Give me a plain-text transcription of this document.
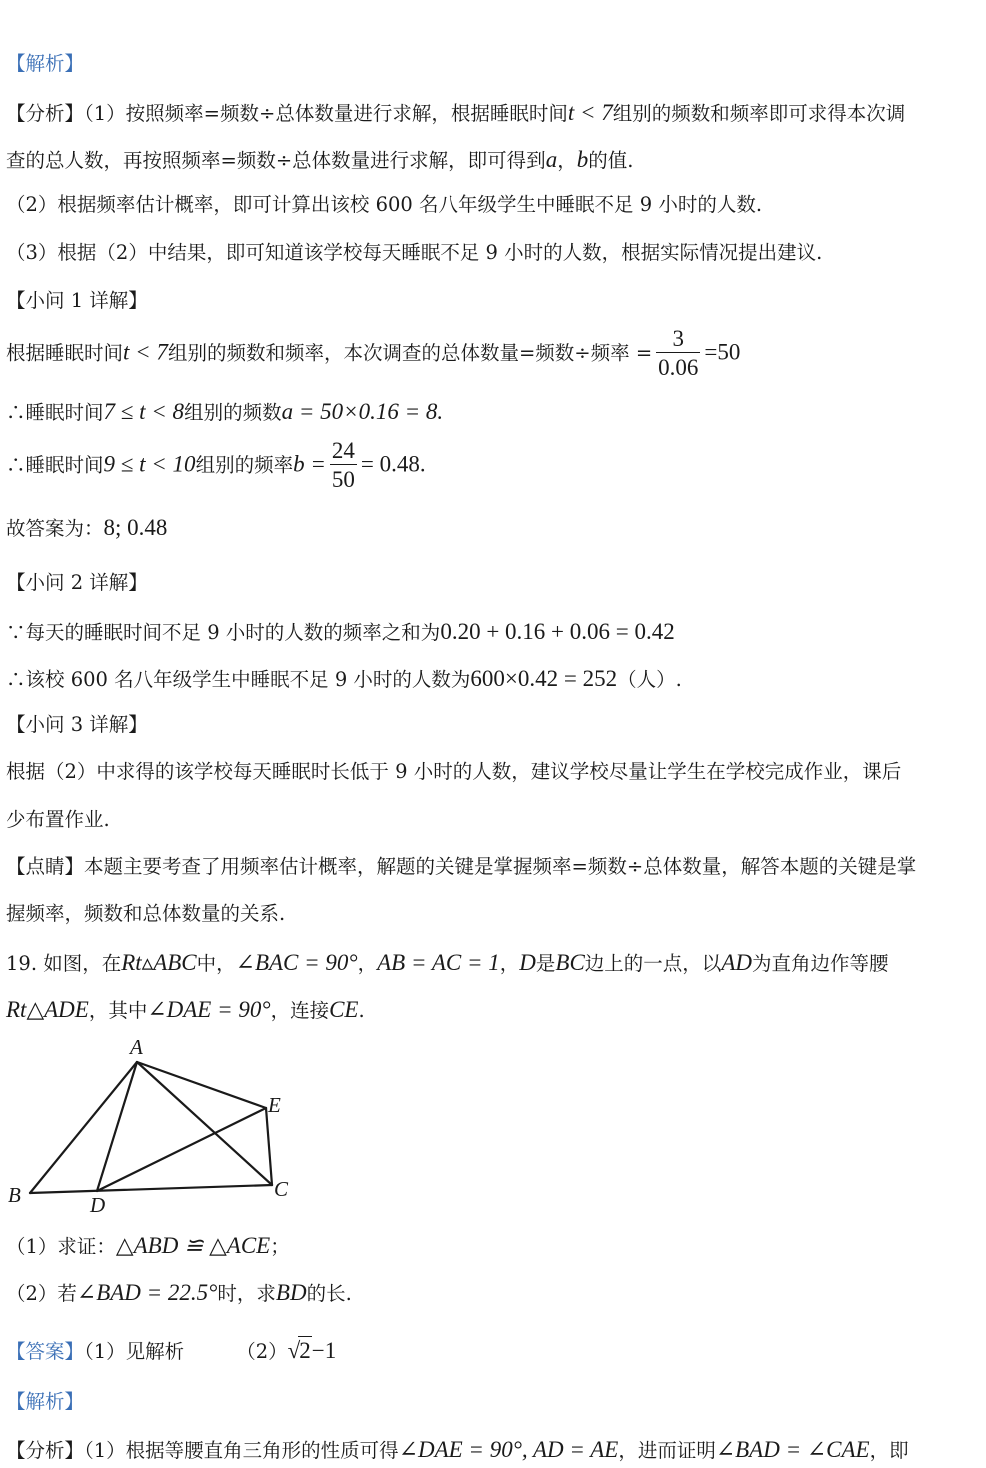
【解析】
【分析】（1）按照频率=频数÷总体数量进行求解，根据睡眠时间t < 7组别的频数和频率即可求得本次调
查的总人数，再按照频率=频数÷总体数量进行求解，即可得到a，b的值.
（2）根据频率估计概率，即可计算出该校 600 名八年级学生中睡眠不足 9 小时的人数.
（3）根据（2）中结果，即可知道该学校每天睡眠不足 9 小时的人数，根据实际情况提出建议.
【小问 1 详解】
根据睡眠时间t < 7组别的频数和频率，本次调查的总体数量=频数÷频率 = $\frac{3}{0.06} =50$
∴睡眠时间7 ≤ t < 8组别的频数a = 50×0.16 = 8.
∴睡眠时间9 ≤ t < 10组别的频率$b = \frac{24}{50} = 0.48$.
故答案为：8; 0.48
【小问 2 详解】
∵每天的睡眠时间不足 9 小时的人数的频率之和为0.20 + 0.16 + 0.06 = 0.42
∴该校 600 名八年级学生中睡眠不足 9 小时的人数为600×0.42 = 252（人）.
【小问 3 详解】
根据（2）中求得的该学校每天睡眠时长低于 9 小时的人数，建议学校尽量让学生在学校完成作业，课后
少布置作业.
【点睛】本题主要考查了用频率估计概率，解题的关键是掌握频率=频数÷总体数量，解答本题的关键是掌
握频率，频数和总体数量的关系.
19. 如图，在Rt▵ABC中，∠BAC = 90°，AB = AC = 1，D是BC边上的一点，以AD为直角边作等腰
Rt△ADE，其中∠DAE = 90°，连接CE.
A
B	C
D
E
（1）求证：△ABD ≌ △ACE；
（2）若∠BAD = 22.5°时，求BD的长.
【答案】（1）见解析	（2）√2−1
【解析】
【分析】（1）根据等腰直角三角形的性质可得∠DAE = 90°, AD = AE，进而证明∠BAD = ∠CAE，即
